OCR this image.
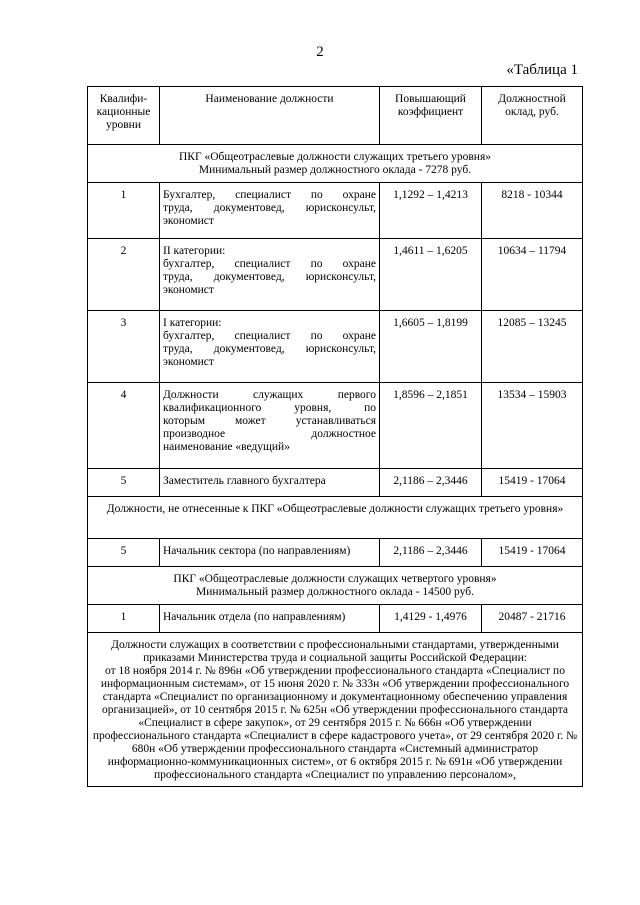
2
«Таблица 1
Квалифи-кационные уровни	Наименование должности	Повышающий коэффициент	Должностной оклад, руб.

ПКГ «Общеотраслевые должности служащих третьего уровня»
Минимальный размер должностного оклада - 7278 руб.			

1	Бухгалтер, специалист по охране
труда, документовед, юрисконсульт,
экономист	1,1292 – 1,4213	8218 - 10344
2	II категории:
бухгалтер, специалист по охране
труда, документовед, юрисконсульт,
экономист	1,4611 – 1,6205	10634 – 11794
3	I категории:
бухгалтер, специалист по охране
труда, документовед, юрисконсульт,
экономист	1,6605 – 1,8199	12085 – 13245
4	Должности служащих первого
квалификационного уровня, по
которым может устанавливаться
производное должностное
наименование «ведущий»	1,8596 – 2,1851	13534 – 15903
5	Заместитель главного бухгалтера	2,1186 – 2,3446	15419 - 17064

Должности, не отнесенные к ПКГ «Общеотраслевые должности служащих третьего уровня»			

5	Начальник сектора (по направлениям)	2,1186 – 2,3446	15419 - 17064

ПКГ «Общеотраслевые должности служащих четвертого уровня»
Минимальный размер должностного оклада - 14500 руб.			

1	Начальник отдела (по направлениям)	1,4129 - 1,4976	20487 - 21716

Должности служащих в соответствии с профессиональными стандартами, утвержденными приказами Министерства труда и социальной защиты Российской Федерации:
от 18 ноября 2014 г. № 896н «Об утверждении профессионального стандарта «Специалист по информационным системам», от 15 июня 2020 г. № 333н «Об утверждении профессионального стандарта «Специалист по организационному и документационному обеспечению управления организацией», от 10 сентября 2015 г. № 625н «Об утверждении профессионального стандарта «Специалист в сфере закупок», от 29 сентября 2015 г. № 666н «Об утверждении профессионального стандарта «Специалист в сфере кадастрового учета», от 29 сентября 2020 г. № 680н «Об утверждении профессионального стандарта «Системный администратор информационно-коммуникационных систем», от 6 октября 2015 г. № 691н «Об утверждении профессионального стандарта «Специалист по управлению персоналом»,			
